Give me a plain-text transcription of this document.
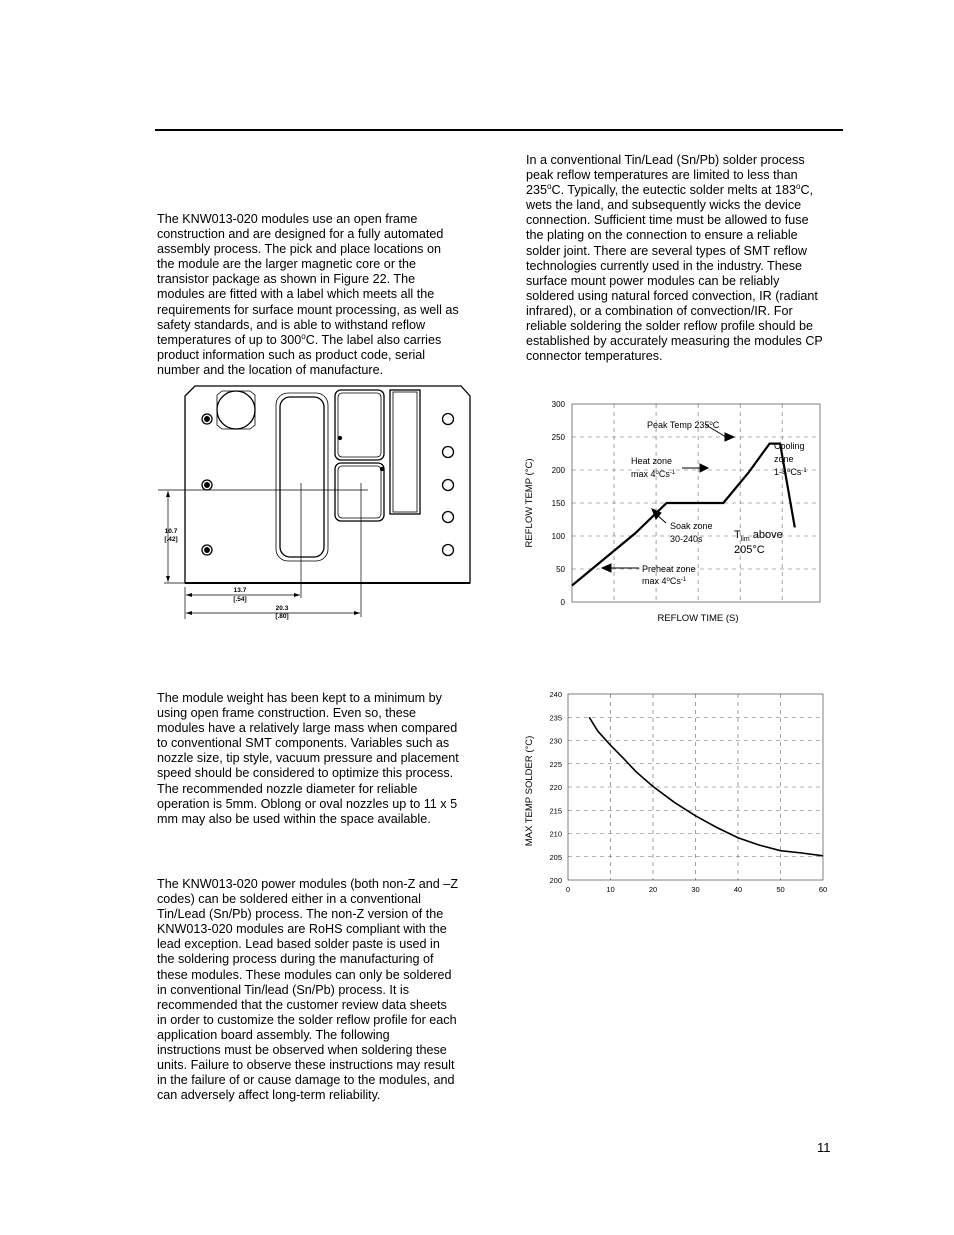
The KNW013-020 modules use an open frame
construction and are designed for a fully automated
assembly process. The pick and place locations on
the module are the larger magnetic core or the
transistor package as shown in Figure 22. The
modules are fitted with a label which meets all the
requirements for surface mount processing, as well as
safety standards, and is able to withstand reflow
temperatures of up to 300$^o$C. The label also carries
product information such as product code, serial
number and the location of manufacture.

In a conventional Tin/Lead (Sn/Pb) solder process
peak reflow temperatures are limited to less than
235$^o$C. Typically, the eutectic solder melts at 183$^o$C,
wets the land, and subsequently wicks the device
connection. Sufficient time must be allowed to fuse
the plating on the connection to ensure a reliable
solder joint. There are several types of SMT reflow
technologies currently used in the industry. These
surface mount power modules can be reliably
soldered using natural forced convection, IR (radiant
infrared), or a combination of convection/IR. For
reliable soldering the solder reflow profile should be
established by accurately measuring the modules CP
connector temperatures.

10.7
[.42]
13.7
[.54]
20.3
[.80]
0
50
100
150
200
250
300
REFLOW TEMP (°C)
REFLOW TIME (S)
Peak Temp 235$^o$C
Heat zone
$\max 4^oCs^{-1}$
Cooling
zone
$1-4^oCs^{-1}$
Soak zone
30-240s
Preheat zone
$\max 4^oCs^{-1}$
$T_{lim}$ above
205°C

The module weight has been kept to a minimum by
using open frame construction. Even so, these
modules have a relatively large mass when compared
to conventional SMT components. Variables such as
nozzle size, tip style, vacuum pressure and placement
speed should be considered to optimize this process.
The recommended nozzle diameter for reliable
operation is 5mm. Oblong or oval nozzles up to 11 x 5
mm may also be used within the space available.

200
205
210
215
220
225
230
235
240
0	10	20	30	40	50	60
MAX TEMP SOLDER (°C)

The KNW013-020 power modules (both non-Z and –Z
codes) can be soldered either in a conventional
Tin/Lead (Sn/Pb) process. The non-Z version of the
KNW013-020 modules are RoHS compliant with the
lead exception. Lead based solder paste is used in
the soldering process during the manufacturing of
these modules. These modules can only be soldered
in conventional Tin/lead (Sn/Pb) process. It is
recommended that the customer review data sheets
in order to customize the solder reflow profile for each
application board assembly. The following
instructions must be observed when soldering these
units. Failure to observe these instructions may result
in the failure of or cause damage to the modules, and
can adversely affect long-term reliability.

11
